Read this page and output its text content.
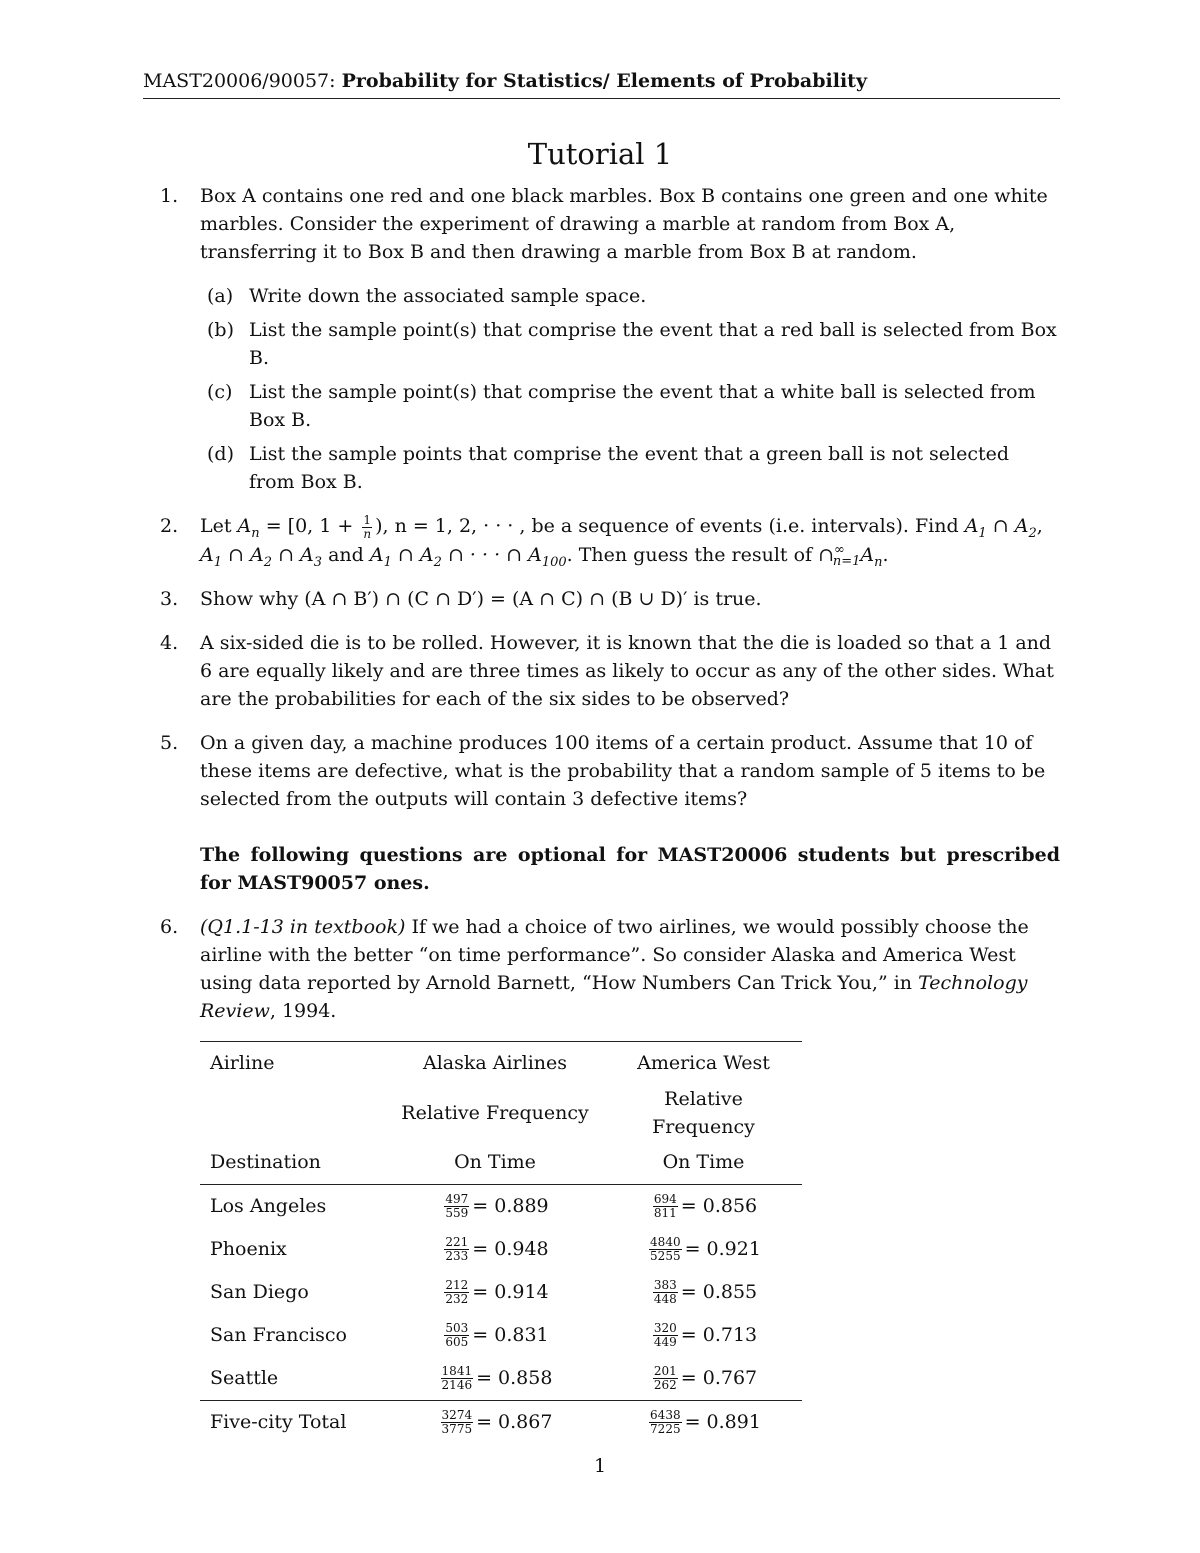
MAST20006/90057: Probability for Statistics/ Elements of Probability
Tutorial 1
1. Box A contains one red and one black marbles. Box B contains one green and one white marbles. Consider the experiment of drawing a marble at random from Box A, transferring it to Box B and then drawing a marble from Box B at random.
(a) Write down the associated sample space.
(b) List the sample point(s) that comprise the event that a red ball is selected from Box B.
(c) List the sample point(s) that comprise the event that a white ball is selected from Box B.
(d) List the sample points that comprise the event that a green ball is not selected from Box B.
2. Let $A_n = [0$, $1 + \frac{1}{n}$ ), n = 1, 2, · · · , be a sequence of events (i.e. intervals). Find $A_1$ ∩ $A_2$, $A_1$ ∩ $A_2$ ∩ $A_3$ and $A_1$ ∩ $A_2$ ∩ · · · ∩ $A_{100}$. Then guess the result of $\cap^\infty_{n=1}A_n$.
3. Show why (A ∩ B′) ∩ (C ∩ D′) = (A ∩ C) ∩ (B ∪ D)′ is true.
4. A six-sided die is to be rolled. However, it is known that the die is loaded so that a 1 and 6 are equally likely and are three times as likely to occur as any of the other sides. What are the probabilities for each of the six sides to be observed?
5. On a given day, a machine produces 100 items of a certain product. Assume that 10 of these items are defective, what is the probability that a random sample of 5 items to be selected from the outputs will contain 3 defective items?
The following questions are optional for MAST20006 students but prescribed for MAST90057 ones.
6. (Q1.1-13 in textbook) If we had a choice of two airlines, we would possibly choose the airline with the better “on time performance”. So consider Alaska and America West using data reported by Arnold Barnett, “How Numbers Can Trick You,” in Technology Review, 1994.
Airline	Alaska Airlines	America West
	Relative Frequency	Relative Frequency
Destination	On Time	On Time
Los Angeles	$\frac{497}{559} = 0.889$	$\frac{694}{811} = 0.856$
Phoenix	$\frac{221}{233} = 0.948$	$\frac{4840}{5255} = 0.921$
San Diego	$\frac{212}{232} = 0.914$	$\frac{383}{448} = 0.855$
San Francisco	$\frac{503}{605} = 0.831$	$\frac{320}{449} = 0.713$
Seattle	$\frac{1841}{2146} = 0.858$	$\frac{201}{262} = 0.767$
Five-city Total	$\frac{3274}{3775} = 0.867$	$\frac{6438}{7225} = 0.891$
1
